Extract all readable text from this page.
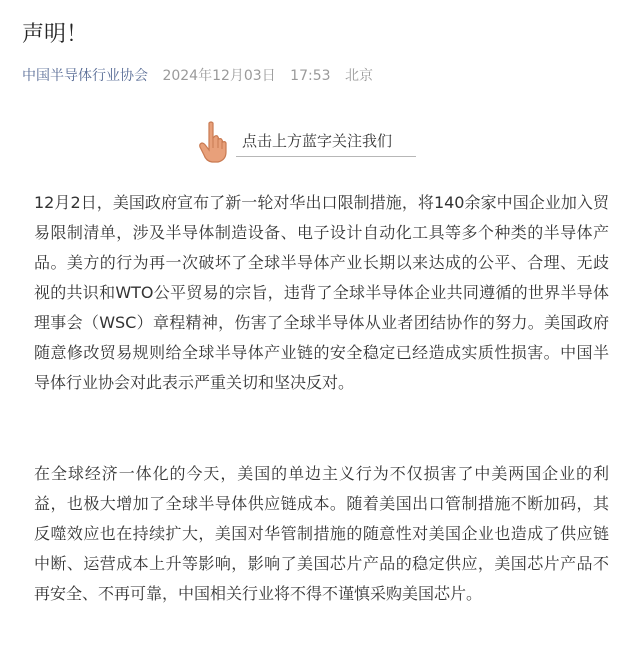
声明！
中国半导体行业协会 2024年12月03日 17:53 北京
点击上方蓝字关注我们

12月2日，美国政府宣布了新一轮对华出口限制措施，将140余家中国企业加入贸易限制清单，涉及半导体制造设备、电子设计自动化工具等多个种类的半导体产品。美方的行为再一次破坏了全球半导体产业长期以来达成的公平、合理、无歧视的共识和WTO公平贸易的宗旨，违背了全球半导体企业共同遵循的世界半导体理事会（WSC）章程精神，伤害了全球半导体从业者团结协作的努力。美国政府随意修改贸易规则给全球半导体产业链的安全稳定已经造成实质性损害。中国半导体行业协会对此表示严重关切和坚决反对。

在全球经济一体化的今天，美国的单边主义行为不仅损害了中美两国企业的利益，也极大增加了全球半导体供应链成本。随着美国出口管制措施不断加码，其反噬效应也在持续扩大，美国对华管制措施的随意性对美国企业也造成了供应链中断、运营成本上升等影响，影响了美国芯片产品的稳定供应，美国芯片产品不再安全、不再可靠，中国相关行业将不得不谨慎采购美国芯片。
